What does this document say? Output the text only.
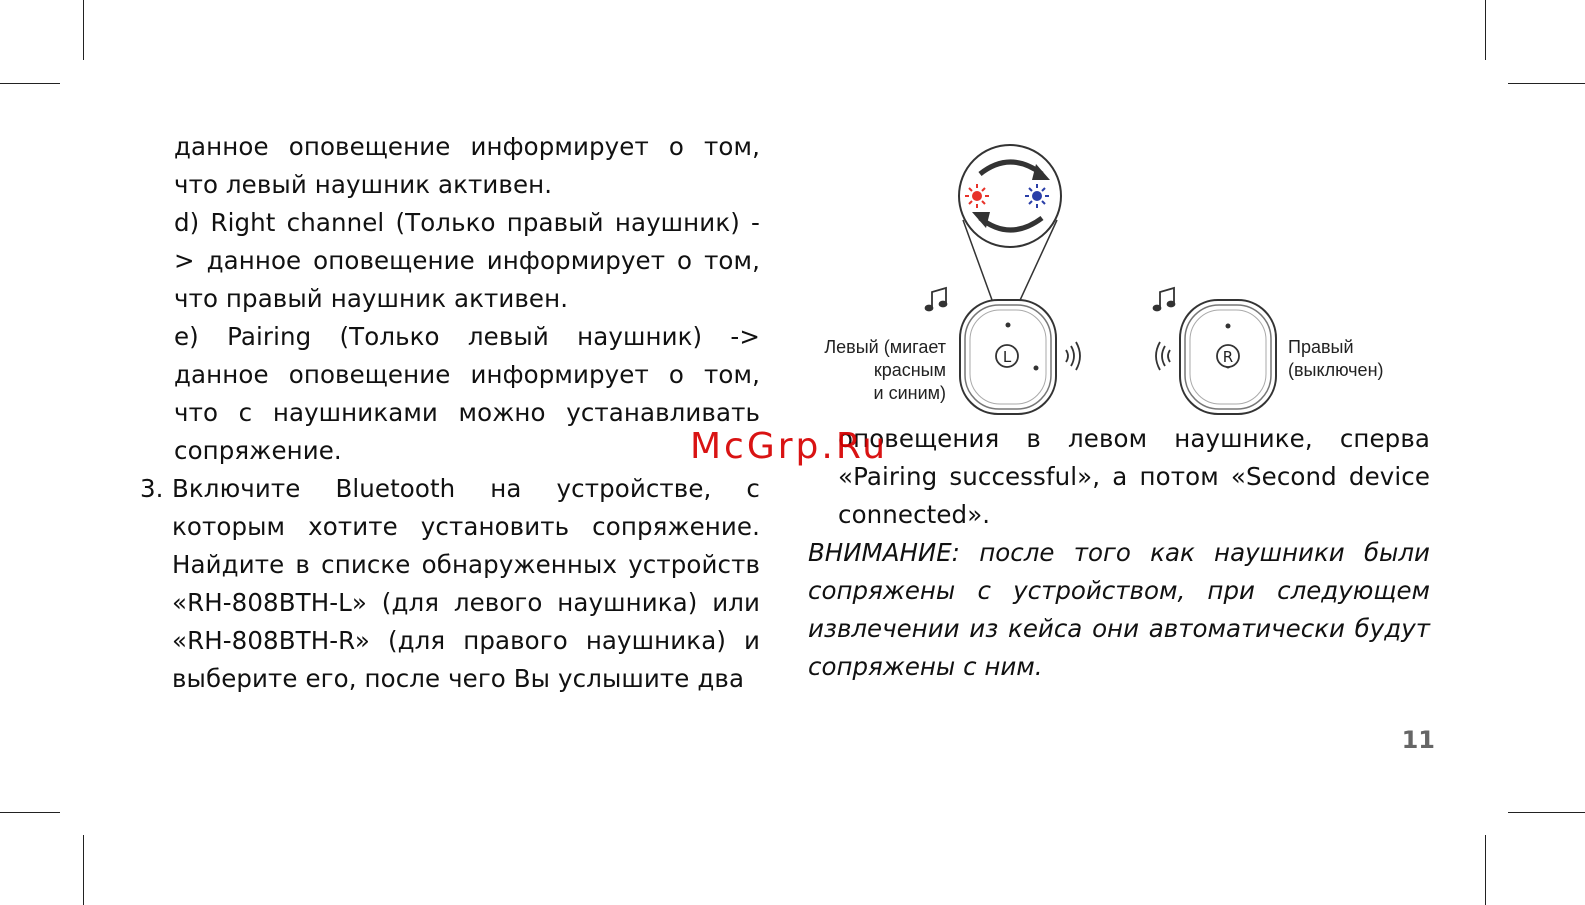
данное оповещение информирует о том, что левый наушник активен.

d) Right channel (Только правый наушник) -> данное оповещение информирует о том, что правый наушник активен.

e) Pairing (Только левый наушник) -> данное оповещение информирует о том, что с наушниками можно устанавливать сопряжение.

3. Включите Bluetooth на устройстве, с которым хотите установить сопряжение. Найдите в списке обнаруженных устройств «RH-808BTH-L» (для левого наушника) или «RH-808BTH-R» (для правого наушника) и выберите его, после чего Вы услышите два

L	R
Левый (мигает
красным
и синим)
Правый
(выключен)

оповещения в левом наушнике, сперва «Pairing successful», а потом «Second device connected».

ВНИМАНИЕ: после того как наушники были сопряжены с устройством, при следующем извлечении из кейса они автоматически будут сопряжены с ним.

McGrp.Ru
11
